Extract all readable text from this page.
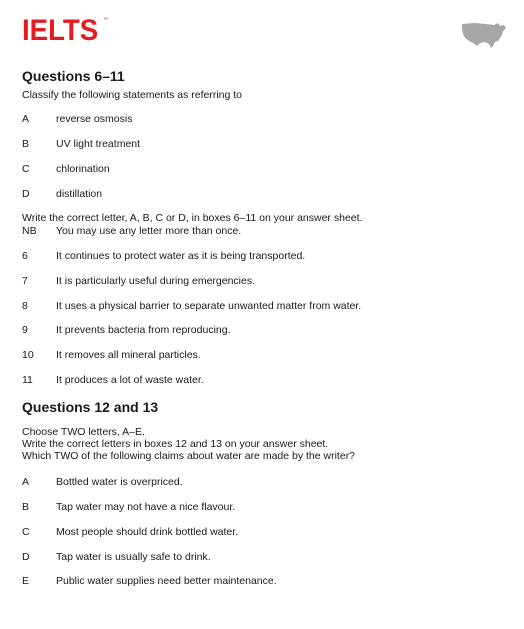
IELTS ™
Questions 6–11
Classify the following statements as referring to
A	reverse osmosis
B	UV light treatment
C	chlorination
D	distillation
Write the correct letter, A, B, C or D, in boxes 6–11 on your answer sheet.
NB You may use any letter more than once.
6	It continues to protect water as it is being transported.
7	It is particularly useful during emergencies.
8	It uses a physical barrier to separate unwanted matter from water.
9	It prevents bacteria from reproducing.
10	It removes all mineral particles.
11	It produces a lot of waste water.
Questions 12 and 13
Choose TWO letters, A–E.
Write the correct letters in boxes 12 and 13 on your answer sheet.
Which TWO of the following claims about water are made by the writer?
A	Bottled water is overpriced.
B	Tap water may not have a nice flavour.
C	Most people should drink bottled water.
D	Tap water is usually safe to drink.
E	Public water supplies need better maintenance.
